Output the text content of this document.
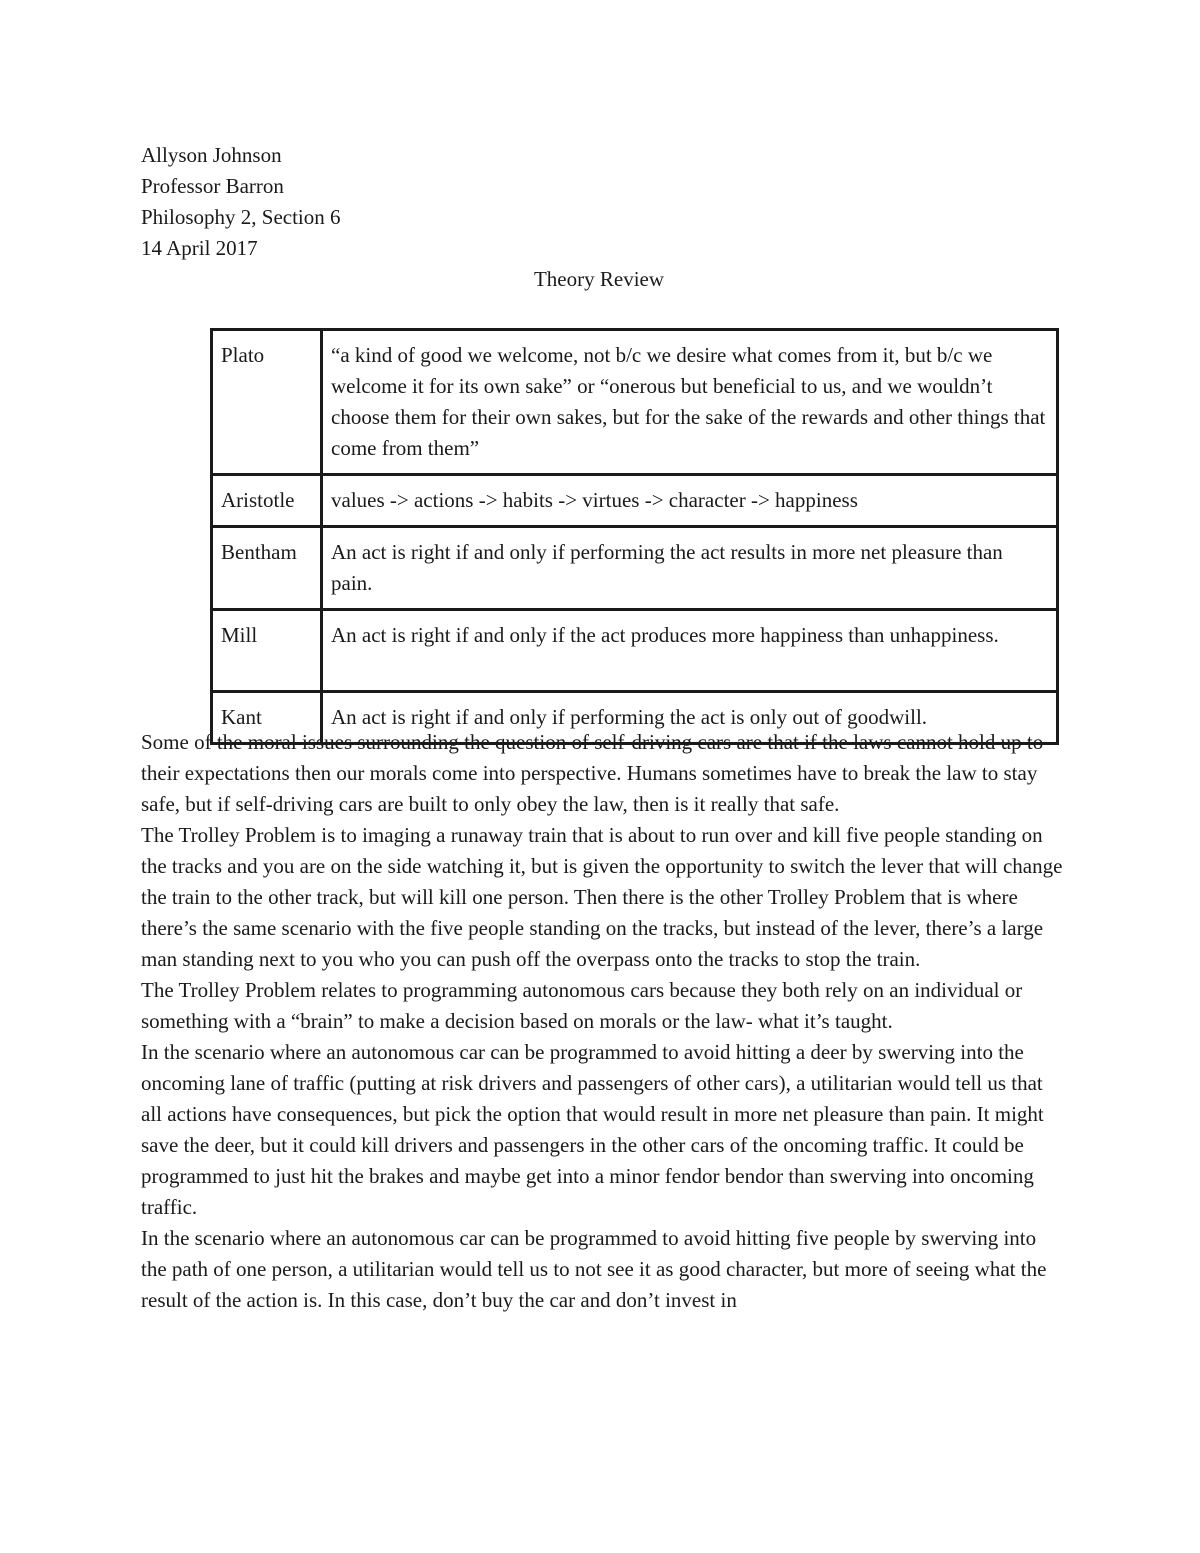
Allyson Johnson
Professor Barron
Philosophy 2, Section 6
14 April 2017
Theory Review
Plato	“a kind of good we welcome, not b/c we desire what comes from it, but b/c we welcome it for its own sake” or “onerous but beneficial to us, and we wouldn’t choose them for their own sakes, but for the sake of the rewards and other things that come from them”
Aristotle	values -> actions -> habits -> virtues -> character -> happiness
Bentham	An act is right if and only if performing the act results in more net pleasure than pain.
Mill	An act is right if and only if the act produces more happiness than unhappiness.
Kant	An act is right if and only if performing the act is only out of goodwill.

Some of the moral issues surrounding the question of self-driving cars are that if the laws cannot hold up to their expectations then our morals come into perspective. Humans sometimes have to break the law to stay safe, but if self-driving cars are built to only obey the law, then is it really that safe.

The Trolley Problem is to imaging a runaway train that is about to run over and kill five people standing on the tracks and you are on the side watching it, but is given the opportunity to switch the lever that will change the train to the other track, but will kill one person. Then there is the other Trolley Problem that is where there’s the same scenario with the five people standing on the tracks, but instead of the lever, there’s a large man standing next to you who you can push off the overpass onto the tracks to stop the train.

The Trolley Problem relates to programming autonomous cars because they both rely on an individual or something with a “brain” to make a decision based on morals or the law- what it’s taught.

In the scenario where an autonomous car can be programmed to avoid hitting a deer by swerving into the oncoming lane of traffic (putting at risk drivers and passengers of other cars), a utilitarian would tell us that all actions have consequences, but pick the option that would result in more net pleasure than pain. It might save the deer, but it could kill drivers and passengers in the other cars of the oncoming traffic. It could be programmed to just hit the brakes and maybe get into a minor fendor bendor than swerving into oncoming traffic.

In the scenario where an autonomous car can be programmed to avoid hitting five people by swerving into the path of one person, a utilitarian would tell us to not see it as good character, but more of seeing what the result of the action is. In this case, don’t buy the car and don’t invest in
